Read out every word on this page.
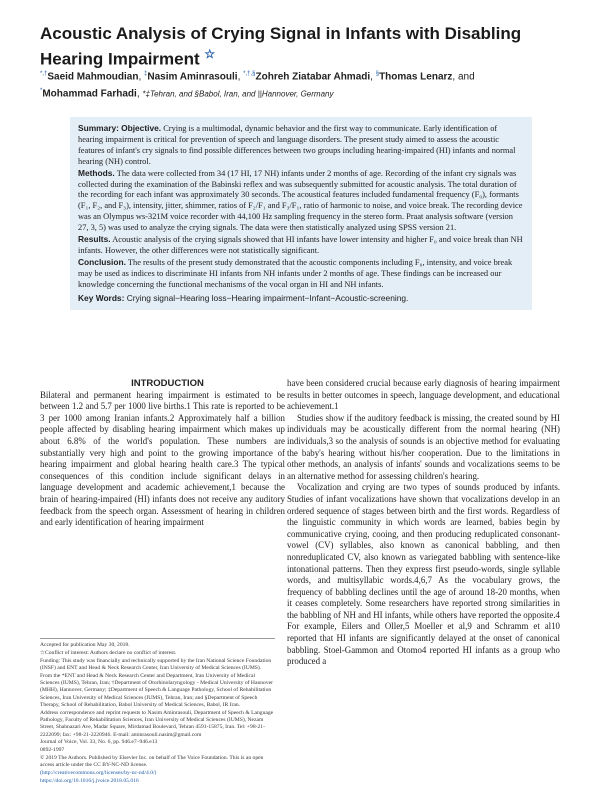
Acoustic Analysis of Crying Signal in Infants with Disabling Hearing Impairment ☆
*,†Saeid Mahmoudian, ‡Nasim Aminrasouli, *,†,§Zohreh Ziatabar Ahmadi, §Thomas Lenarz, and
*Mohammad Farhadi, *‡Tehran, and §Babol, Iran, and ||Hannover, Germany

Summary: Objective. Crying is a multimodal, dynamic behavior and the first way to communicate. Early identification of hearing impairment is critical for prevention of speech and language disorders. The present study aimed to assess the acoustic features of infant's cry signals to find possible differences between two groups including hearing-impaired (HI) infants and normal hearing (NH) control.

Methods. The data were collected from 34 (17 HI, 17 NH) infants under 2 months of age. Recording of the infant cry signals was collected during the examination of the Babinski reflex and was subsequently submitted for acoustic analysis. The total duration of the recording for each infant was approximately 30 seconds. The acoustical features included fundamental frequency (F₀), formants (F₁, F₂, and F₃), intensity, jitter, shimmer, ratios of F₂/F₁ and F₃/F₁, ratio of harmonic to noise, and voice break. The recording device was an Olympus ws-321M voice recorder with 44,100 Hz sampling frequency in the stereo form. Praat analysis software (version 27, 3, 5) was used to analyze the crying signals. The data were then statistically analyzed using SPSS version 21.

Results. Acoustic analysis of the crying signals showed that HI infants have lower intensity and higher F₀ and voice break than NH infants. However, the other differences were not statistically significant.

Conclusion. The results of the present study demonstrated that the acoustic components including F₀, intensity, and voice break may be used as indices to discriminate HI infants from NH infants under 2 months of age. These findings can be increased our knowledge concerning the functional mechanisms of the vocal organ in HI and NH infants.

Key Words: Crying signal−Hearing loss−Hearing impairment−Infant−Acoustic-screening.

INTRODUCTION

Bilateral and permanent hearing impairment is estimated to be between 1.2 and 5.7 per 1000 live births.1 This rate is reported to be 3 per 1000 among Iranian infants.2 Approximately half a billion people affected by disabling hearing impairment which makes up about 6.8% of the world's population. These numbers are substantially very high and point to the growing importance of hearing impairment and global hearing health care.3 The typical consequences of this condition include significant delays in language development and academic achievement,1 because the brain of hearing-impaired (HI) infants does not receive any auditory feedback from the speech organ. Assessment of hearing in children and early identification of hearing impairment

have been considered crucial because early diagnosis of hearing impairment results in better outcomes in speech, language development, and educational achievement.1

Studies show if the auditory feedback is missing, the created sound by HI individuals may be acoustically different from the normal hearing (NH) individuals,3 so the analysis of sounds is an objective method for evaluating the baby's hearing without his/her cooperation. Due to the limitations in other methods, an analysis of infants' sounds and vocalizations seems to be an alternative method for assessing children's hearing.

Vocalization and crying are two types of sounds produced by infants. Studies of infant vocalizations have shown that vocalizations develop in an ordered sequence of stages between birth and the first words. Regardless of the linguistic community in which words are learned, babies begin by communicative crying, cooing, and then producing reduplicated consonant-vowel (CV) syllables, also known as canonical babbling, and then nonreduplicated CV, also known as variegated babbling with sentence-like intonational patterns. Then they express first pseudo-words, single syllable words, and multisyllabic words.4,6,7 As the vocabulary grows, the frequency of babbling declines until the age of around 18-20 months, when it ceases completely. Some researchers have reported strong similarities in the babbling of NH and HI infants, while others have reported the opposite.4 For example, Eilers and Oller,5 Moeller et al,9 and Schramm et al10 reported that HI infants are significantly delayed at the onset of canonical babbling. Stoel-Gammon and Otomo4 reported HI infants as a group who produced a

Accepted for publication May 30, 2018.
☆Conflict of interest: Authors declare no conflict of interest.
Funding: This study was financially and technically supported by the Iran National Science Foundation (INSF) and ENT and Head & Neck Research Center, Iran University of Medical Sciences (IUMS).
From the *ENT and Head & Neck Research Center and Department, Iran University of Medical Sciences (IUMS), Tehran, Iran; †Department of Otorhinolaryngology - Medical University of Hannover (MHH), Hannover, Germany; ‡Department of Speech & Language Pathology, School of Rehabilitation Sciences, Iran University of Medical Sciences (IUMS), Tehran, Iran; and §Department of Speech Therapy, School of Rehabilitation, Babol University of Medical Sciences, Babol, IR Iran.
Address correspondence and reprint requests to Nasim Aminrasouli, Department of Speech & Language Pathology, Faculty of Rehabilitation Sciences, Iran University of Medical Sciences (IUMS), Nezam Street, Shahnazari Ave, Madar Square, Mirdamad Boulevard, Tehran 4591-15875, Iran. Tel: +98-21-2222099; fax: +98-21-2220946. E-mail: aminrasouli.nasim@gmail.com
Journal of Voice, Vol. 33, No. 6, pp. 946.e7–946.e13
0892-1997
© 2019 The Authors. Published by Elsevier Inc. on behalf of The Voice Foundation. This is an open access article under the CC BY-NC-ND license.
(http://creativecommons.org/licenses/by-nc-nd/4.0/)
https://doi.org/10.1016/j.jvoice.2018.05.016
